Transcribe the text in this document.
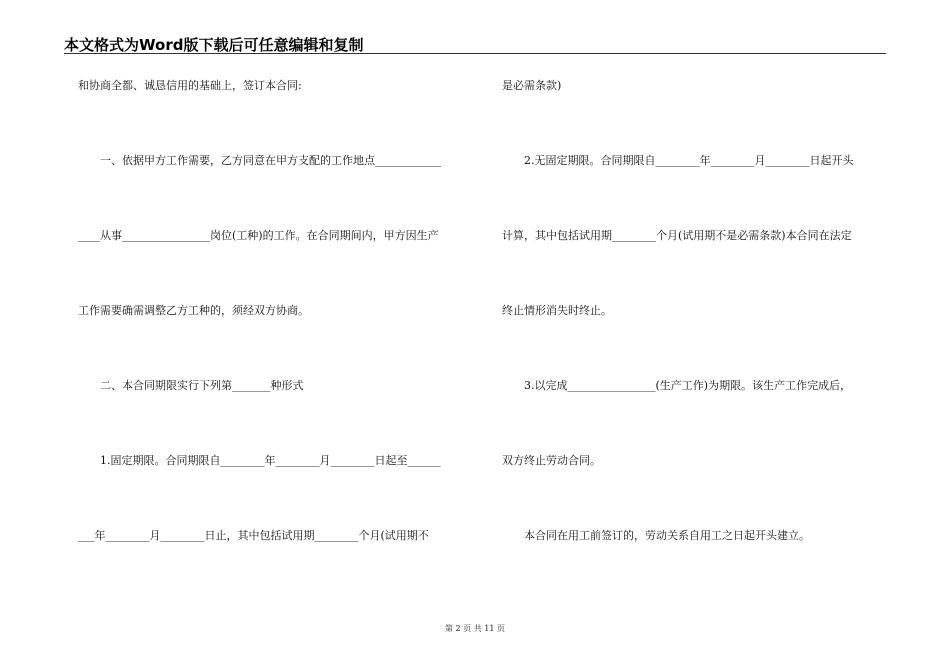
本文格式为Word版下载后可任意编辑和复制
和协商全都、诚恳信用的基础上，签订本合同:
　　一、依据甲方工作需要，乙方同意在甲方支配的工作地点____________
____从事________________岗位(工种)的工作。在合同期间内，甲方因生产
工作需要确需调整乙方工种的，须经双方协商。
　　二、本合同期限实行下列第_______种形式
　　1.固定期限。合同期限自________年________月________日起至______
___年________月________日止，其中包括试用期________个月(试用期不
是必需条款)
　　2.无固定期限。合同期限自________年________月________日起开头
计算，其中包括试用期________个月(试用期不是必需条款)本合同在法定
终止情形消失时终止。
　　3.以完成________________(生产工作)为期限。该生产工作完成后，
双方终止劳动合同。
　　本合同在用工前签订的，劳动关系自用工之日起开头建立。
第 2 页 共 11 页
